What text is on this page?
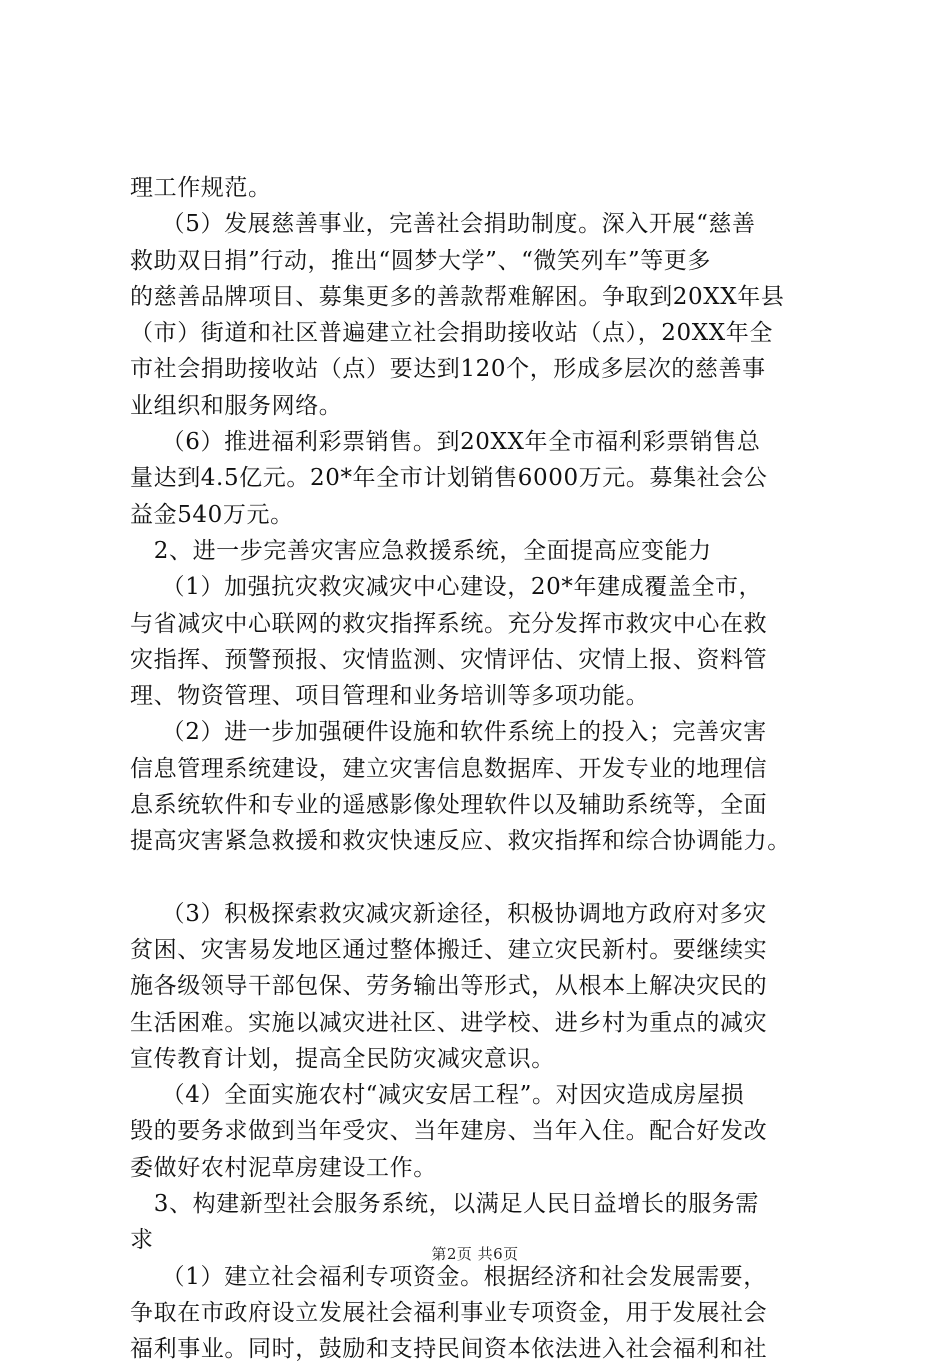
理工作规范。
（5）发展慈善事业，完善社会捐助制度。深入开展“慈善
救助双日捐”行动，推出“圆梦大学”、“微笑列车”等更多
的慈善品牌项目、募集更多的善款帮难解困。争取到20XX年县
（市）街道和社区普遍建立社会捐助接收站（点），20XX年全
市社会捐助接收站（点）要达到120个，形成多层次的慈善事
业组织和服务网络。
（6）推进福利彩票销售。到20XX年全市福利彩票销售总
量达到4.5亿元。20*年全市计划销售6000万元。募集社会公
益金540万元。
2、进一步完善灾害应急救援系统，全面提高应变能力
（1）加强抗灾救灾减灾中心建设，20*年建成覆盖全市，
与省减灾中心联网的救灾指挥系统。充分发挥市救灾中心在救
灾指挥、预警预报、灾情监测、灾情评估、灾情上报、资料管
理、物资管理、项目管理和业务培训等多项功能。
（2）进一步加强硬件设施和软件系统上的投入；完善灾害
信息管理系统建设，建立灾害信息数据库、开发专业的地理信
息系统软件和专业的遥感影像处理软件以及辅助系统等，全面
提高灾害紧急救援和救灾快速反应、救灾指挥和综合协调能力。
（3）积极探索救灾减灾新途径，积极协调地方政府对多灾
贫困、灾害易发地区通过整体搬迁、建立灾民新村。要继续实
施各级领导干部包保、劳务输出等形式，从根本上解决灾民的
生活困难。实施以减灾进社区、进学校、进乡村为重点的减灾
宣传教育计划，提高全民防灾减灾意识。
（4）全面实施农村“减灾安居工程”。对因灾造成房屋损
毁的要务求做到当年受灾、当年建房、当年入住。配合好发改
委做好农村泥草房建设工作。
3、构建新型社会服务系统，以满足人民日益增长的服务需
求
（1）建立社会福利专项资金。根据经济和社会发展需要，
争取在市政府设立发展社会福利事业专项资金，用于发展社会
福利事业。同时，鼓励和支持民间资本依法进入社会福利和社
第2页 共6页
